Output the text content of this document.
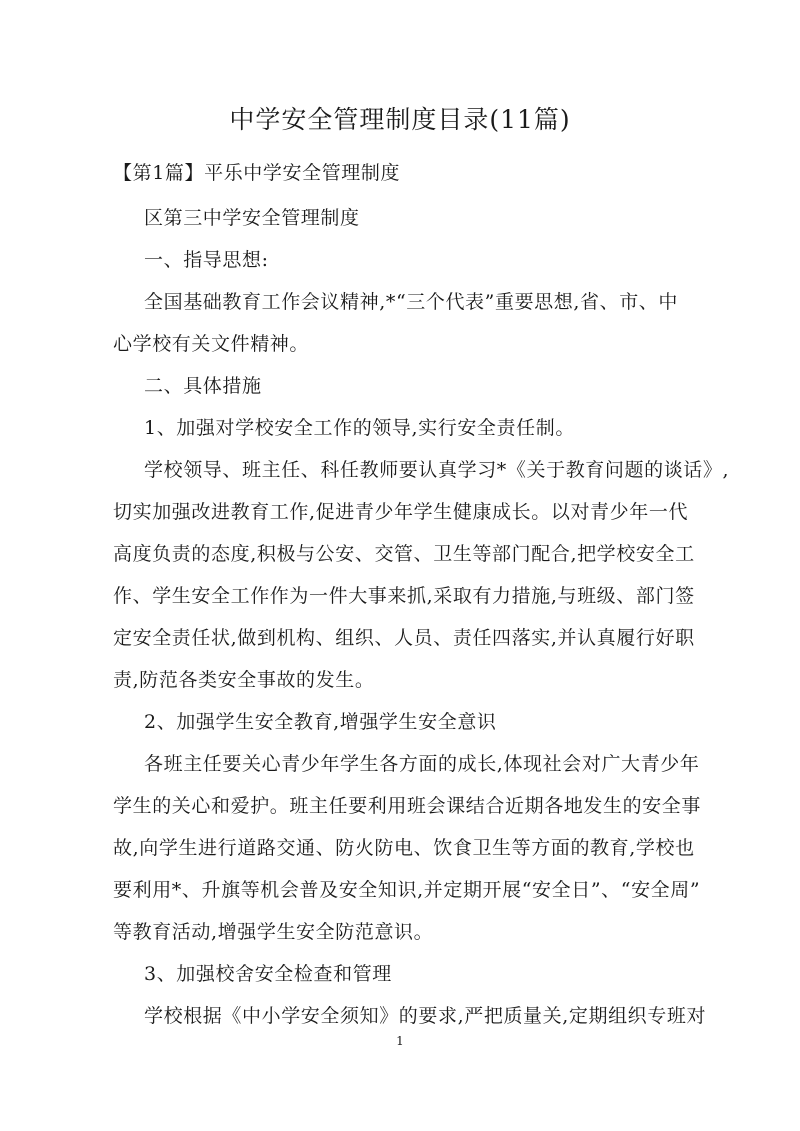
中学安全管理制度目录(11篇)
【第1篇】平乐中学安全管理制度
区第三中学安全管理制度
一、指导思想:
全国基础教育工作会议精神,*“三个代表”重要思想,省、市、中
心学校有关文件精神。
二、具体措施
1、加强对学校安全工作的领导,实行安全责任制。
学校领导、班主任、科任教师要认真学习*《关于教育问题的谈话》,
切实加强改进教育工作,促进青少年学生健康成长。以对青少年一代
高度负责的态度,积极与公安、交管、卫生等部门配合,把学校安全工
作、学生安全工作作为一件大事来抓,采取有力措施,与班级、部门签
定安全责任状,做到机构、组织、人员、责任四落实,并认真履行好职
责,防范各类安全事故的发生。
2、加强学生安全教育,增强学生安全意识
各班主任要关心青少年学生各方面的成长,体现社会对广大青少年
学生的关心和爱护。班主任要利用班会课结合近期各地发生的安全事
故,向学生进行道路交通、防火防电、饮食卫生等方面的教育,学校也
要利用*、升旗等机会普及安全知识,并定期开展“安全日”、“安全周”
等教育活动,增强学生安全防范意识。
3、加强校舍安全检查和管理
学校根据《中小学安全须知》的要求,严把质量关,定期组织专班对
1
